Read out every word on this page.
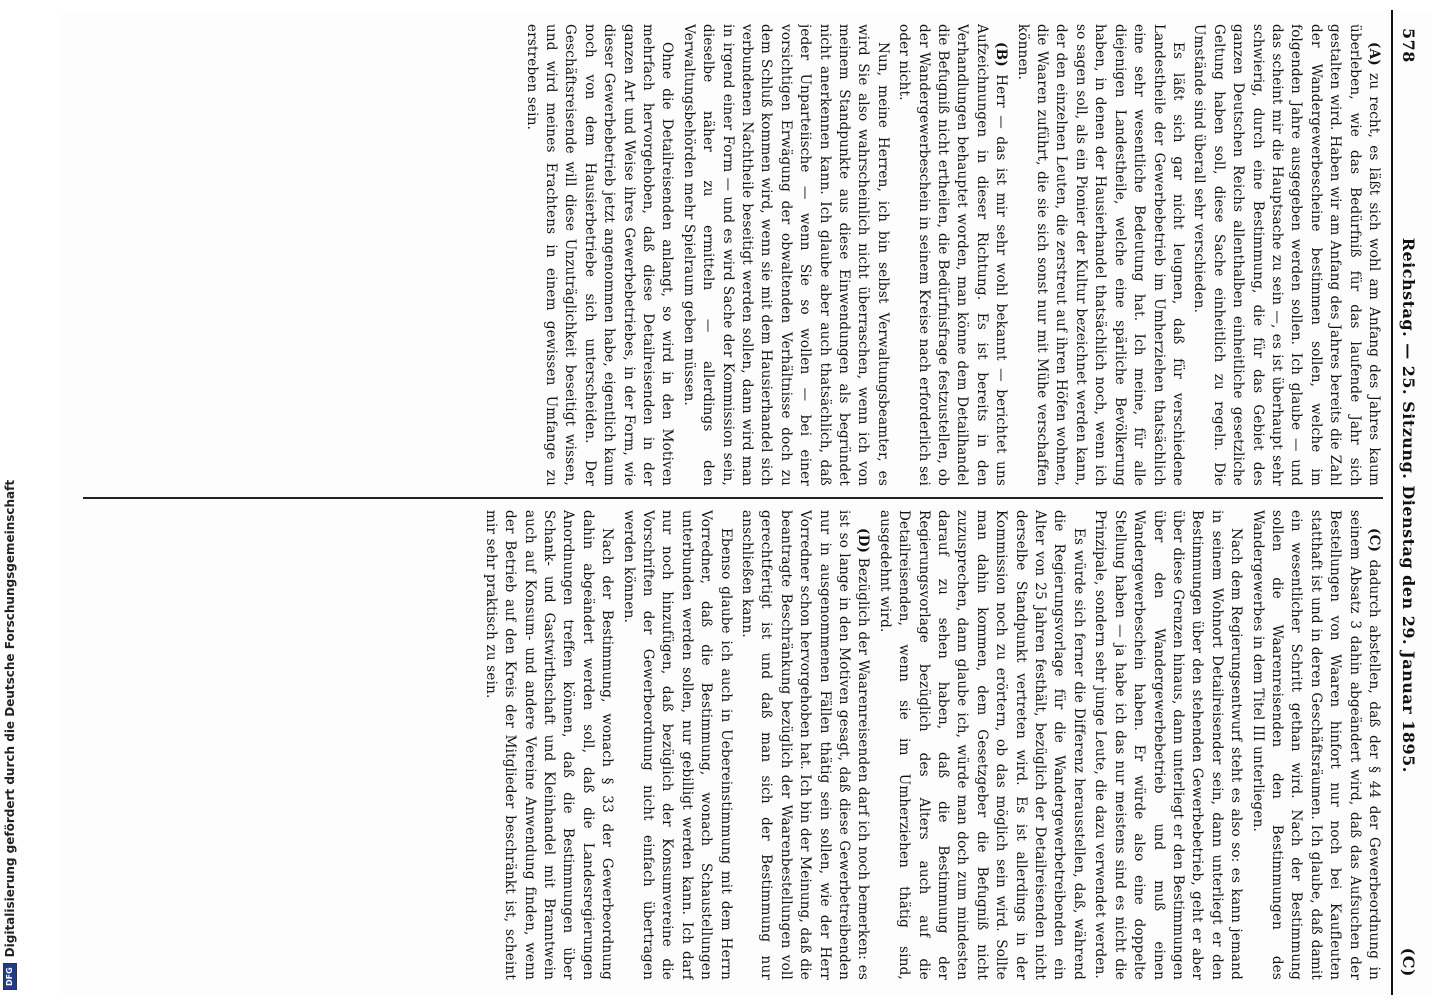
DFG
Digitalisierung gefördert durch die Deutsche Forschungsgemeinschaft
578
Reichstag. — 25. Sitzung. Dienstag den 29. Januar 1895.
(C)

(A) zu recht, es läßt sich wohl am Anfang des Jahres kaum überleben, wie das Bedürfniß für das laufende Jahr sich gestalten wird. Haben wir am Anfang des Jahres bereits die Zahl der Wandergewerbescheine bestimmen sollen, welche im folgenden Jahre ausgegeben werden sollen. Ich glaube — und das scheint mir die Hauptsache zu sein —, es ist überhaupt sehr schwierig, durch eine Bestimmung, die für das Gebiet des ganzen Deutschen Reichs allenthalben einheitliche gesetzliche Geltung haben soll, diese Sache einheitlich zu regeln. Die Umstände sind überall sehr verschieden.

Es läßt sich gar nicht leugnen, daß für verschiedene Landestheile der Gewerbebetrieb im Umherziehen thatsächlich eine sehr wesentliche Bedeutung hat. Ich meine, für alle diejenigen Landestheile, welche eine spärliche Bevölkerung haben, in denen der Hausierhandel thatsächlich noch, wenn ich so sagen soll, als ein Pionier der Kultur bezeichnet werden kann, der den einzelnen Leuten, die zerstreut auf ihren Höfen wohnen, die Waaren zuführt, die sie sich sonst nur mit Mühe verschaffen können.

(B) Herr — das ist mir sehr wohl bekannt — berichtet uns Aufzeichnungen in dieser Richtung. Es ist bereits in den Verhandlungen behauptet worden, man könne dem Detailhandel die Befugniß nicht ertheilen, die Bedürfnisfrage festzustellen, ob der Wandergewerbeschein in seinem Kreise nach erforderlich sei oder nicht.

Nun, meine Herren, ich bin selbst Verwaltungsbeamter, es wird Sie also wahrscheinlich nicht überraschen, wenn ich von meinem Standpunkte aus diese Einwendungen als begründet nicht anerkennen kann. Ich glaube aber auch thatsächlich, daß jeder Unparteiische — wenn Sie so wollen — bei einer vorsichtigen Erwägung der obwaltenden Verhältnisse doch zu dem Schluß kommen wird, wenn sie mit dem Hausierhandel sich verbundenen Nachtheile beseitigt werden sollen, dann wird man in irgend einer Form — und es wird Sache der Kommission sein, dieselbe näher zu ermitteln — allerdings den Verwaltungsbehörden mehr Spielraum geben müssen.

Ohne die Detailreisenden anlangt, so wird in den Motiven mehrfach hervorgehoben, daß diese Detailreisenden in der ganzen Art und Weise ihres Gewerbebetriebes, in der Form, wie dieser Gewerbebetrieb jetzt angenommen habe, eigentlich kaum noch von dem Hausierbetriebe sich unterscheiden. Der Geschäftsreisende will diese Unzuträglichkeit beseitigt wissen, und wird meines Erachtens in einem gewissen Umfange zu erstreben sein.

(C) dadurch abstellen, daß der § 44 der Gewerbeordnung in seinem Absatz 3 dahin abgeändert wird, daß das Aufsuchen der Bestellungen von Waaren hinfort nur noch bei Kaufleuten statthaft ist und in deren Geschäftsräumen. Ich glaube, daß damit ein wesentlicher Schritt gethan wird. Nach der Bestimmung sollen die Waarenreisenden den Bestimmungen des Wandergewerbes in dem Titel III unterliegen.

Nach dem Regierungsentwurf steht es also so: es kann jemand in seinem Wohnort Detailreisender sein, dann unterliegt er den Bestimmungen über den stehenden Gewerbebetrieb, geht er aber über diese Grenzen hinaus, dann unterliegt er den Bestimmungen über den Wandergewerbebetrieb und muß einen Wandergewerbeschein haben. Er würde also eine doppelte Stellung haben — ja habe ich das nur meistens sind es nicht die Prinzipale, sondern sehr junge Leute, die dazu verwendet werden.

Es würde sich ferner die Differenz herausstellen, daß, während die Regierungsvorlage für die Wandergewerbetreibenden ein Alter von 25 Jahren festhält, bezüglich der Detailreisenden nicht derselbe Standpunkt vertreten wird. Es ist allerdings in der Kommission noch zu erörtern, ob das möglich sein wird. Sollte man dahin kommen, dem Gesetzgeber die Befugniß nicht zuzusprechen, dann glaube ich, würde man doch zum mindesten darauf zu sehen haben, daß die Bestimmung der Regierungsvorlage bezüglich des Alters auch auf die Detailreisenden, wenn sie im Umherziehen thätig sind, ausgedehnt wird.

(D) Bezüglich der Waarenreisenden darf ich noch bemerken: es ist so lange in den Motiven gesagt, daß diese Gewerbetreibenden nur in ausgenommenen Fällen thätig sein sollen, wie der Herr Vorredner schon hervorgehoben hat. Ich bin der Meinung, daß die beantragte Beschränkung bezüglich der Waarenbestellungen voll gerechtfertigt ist und daß man sich der Bestimmung nur anschließen kann.

Ebenso glaube ich auch in Uebereinstimmung mit dem Herrn Vorredner, daß die Bestimmung, wonach Schaustellungen unterbunden werden sollen, nur gebilligt werden kann. Ich darf nur noch hinzufügen, daß bezüglich der Konsumvereine die Vorschriften der Gewerbeordnung nicht einfach übertragen werden können.

Nach der Bestimmung, wonach § 33 der Gewerbeordnung dahin abgeändert werden soll, daß die Landesregierungen Anordnungen treffen können, daß die Bestimmungen über Schank- und Gastwirthschaft und Kleinhandel mit Branntwein auch auf Konsum- und andere Vereine Anwendung finden, wenn der Betrieb auf den Kreis der Mitglieder beschränkt ist, scheint mir sehr praktisch zu sein.
